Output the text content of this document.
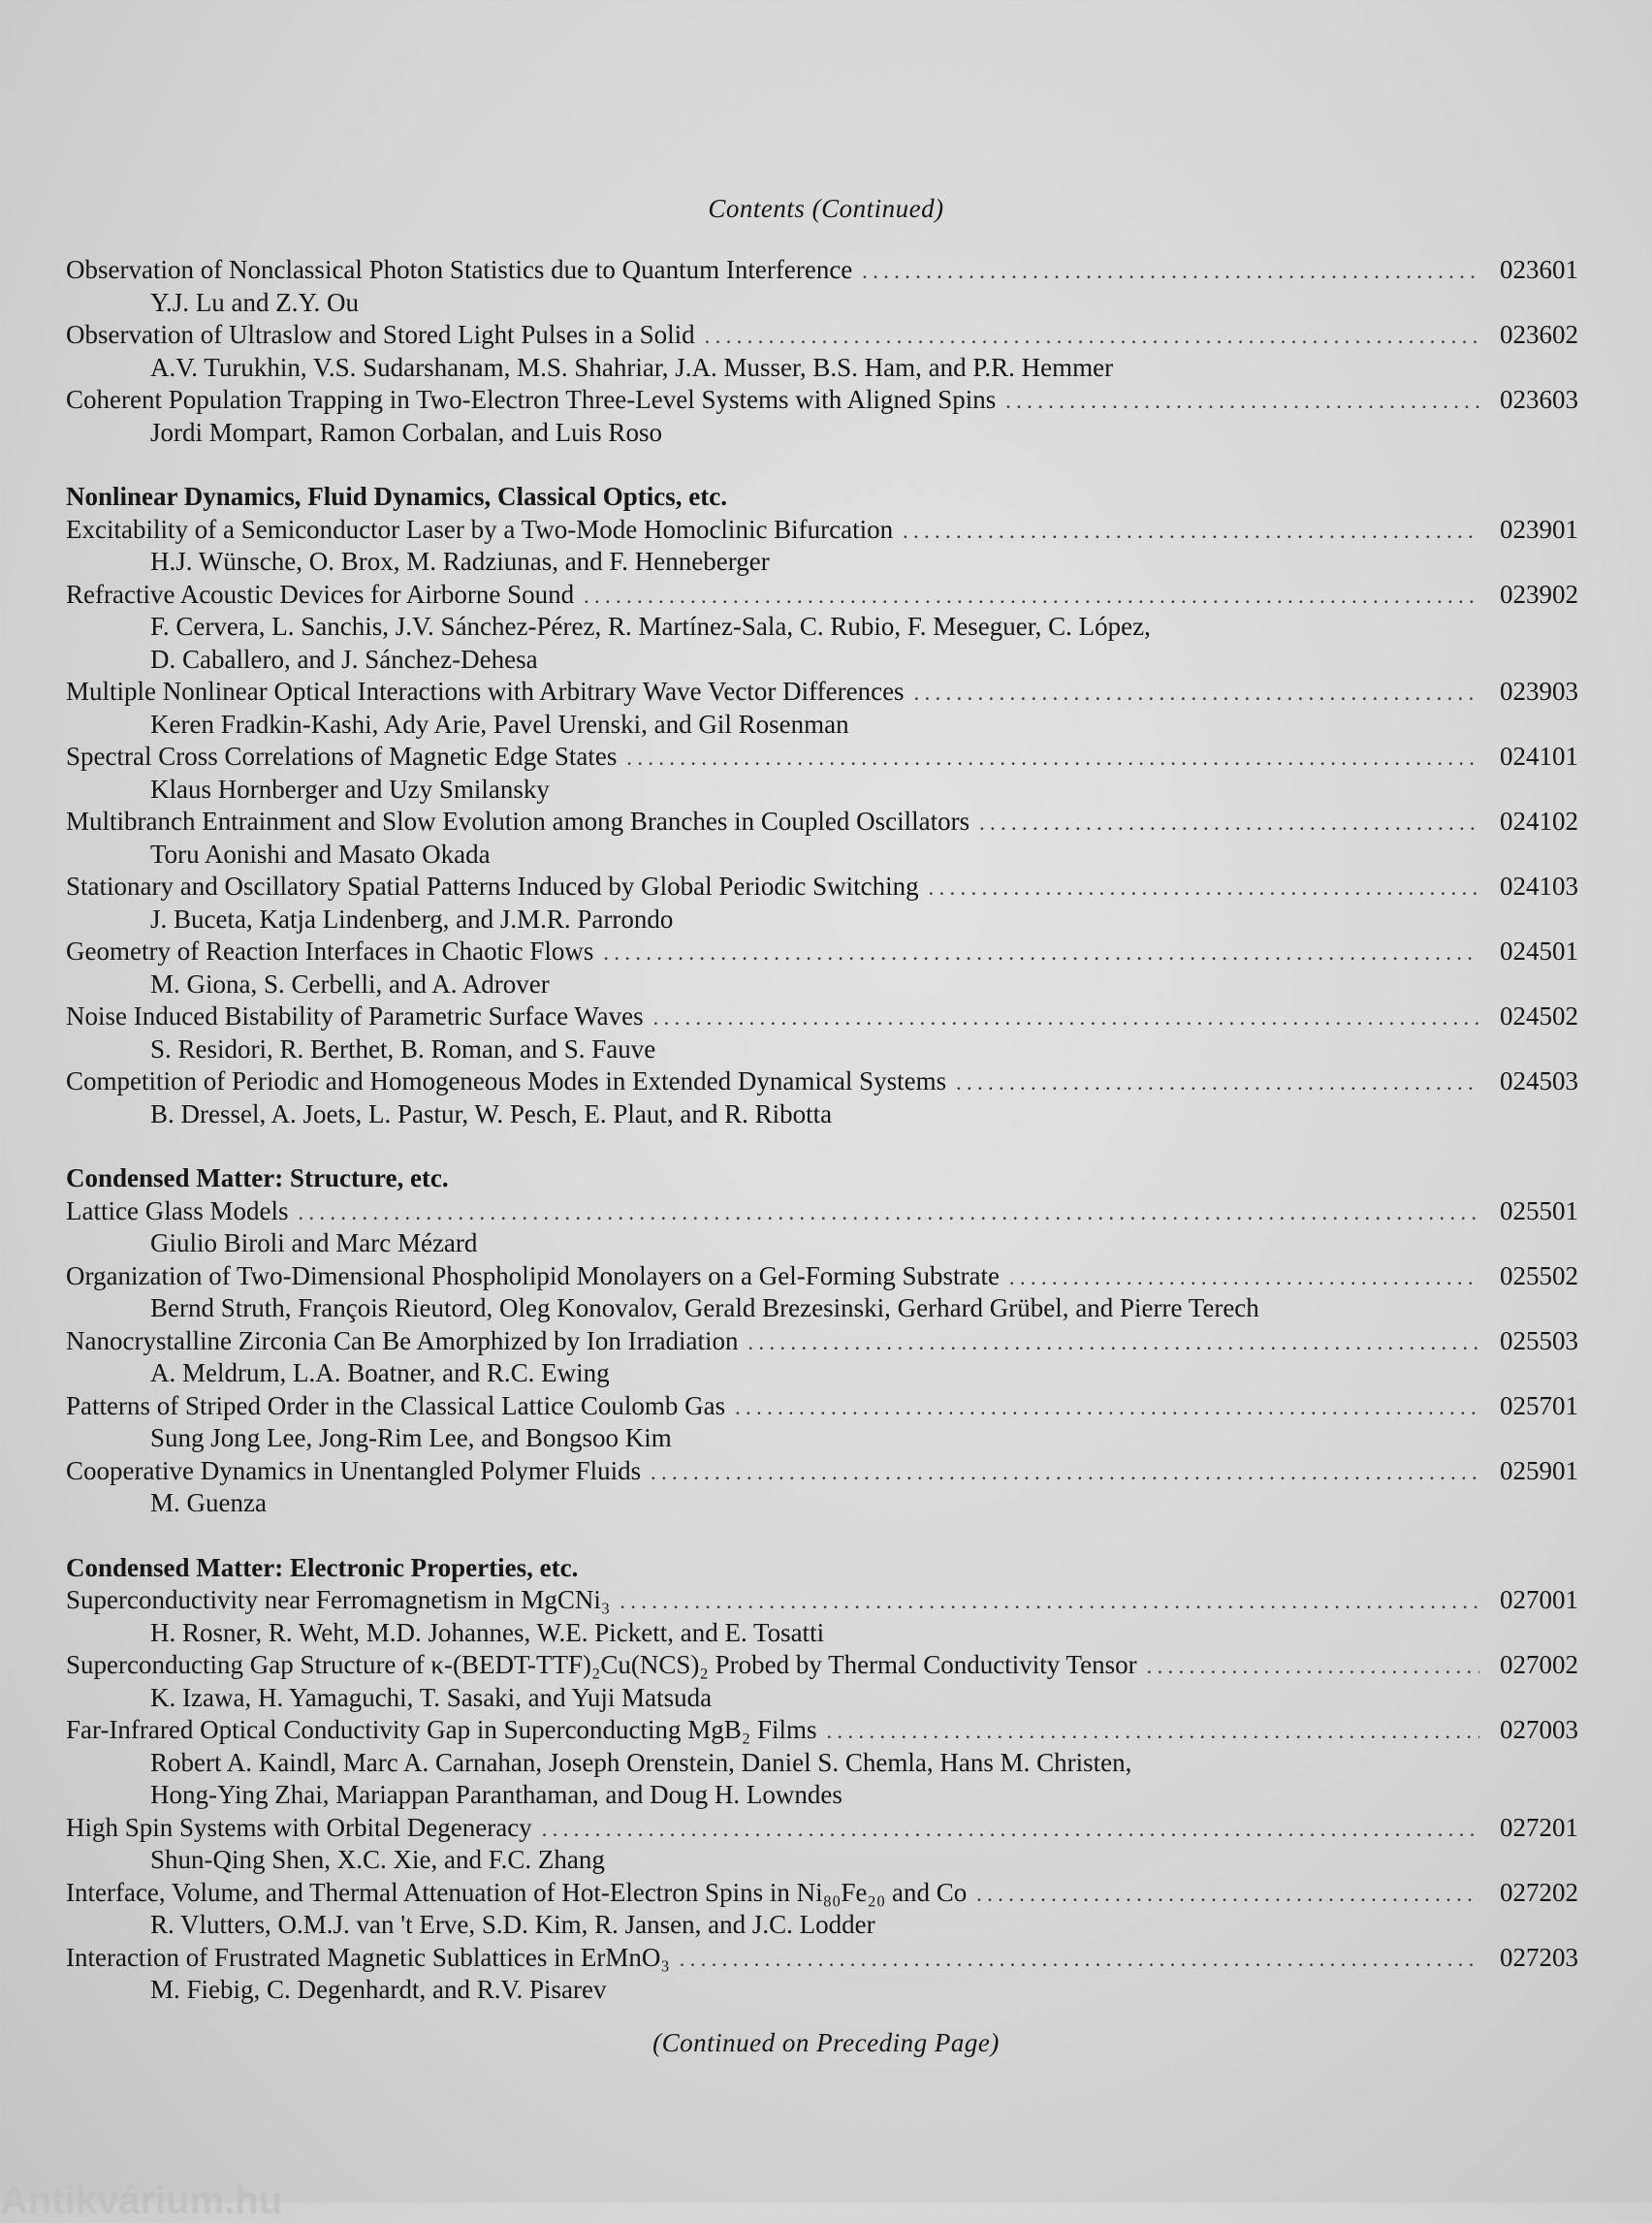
Contents (Continued)
Observation of Nonclassical Photon Statistics due to Quantum Interference . . .	023601
Y.J. Lu and Z.Y. Ou
Observation of Ultraslow and Stored Light Pulses in a Solid . . .	023602
A.V. Turukhin, V.S. Sudarshanam, M.S. Shahriar, J.A. Musser, B.S. Ham, and P.R. Hemmer
Coherent Population Trapping in Two-Electron Three-Level Systems with Aligned Spins . . .	023603
Jordi Mompart, Ramon Corbalan, and Luis Roso
Nonlinear Dynamics, Fluid Dynamics, Classical Optics, etc.
Excitability of a Semiconductor Laser by a Two-Mode Homoclinic Bifurcation . . .	023901
H.J. Wünsche, O. Brox, M. Radziunas, and F. Henneberger
Refractive Acoustic Devices for Airborne Sound . . .	023902
F. Cervera, L. Sanchis, J.V. Sánchez-Pérez, R. Martínez-Sala, C. Rubio, F. Meseguer, C. López,
D. Caballero, and J. Sánchez-Dehesa
Multiple Nonlinear Optical Interactions with Arbitrary Wave Vector Differences . . .	023903
Keren Fradkin-Kashi, Ady Arie, Pavel Urenski, and Gil Rosenman
Spectral Cross Correlations of Magnetic Edge States . . .	024101
Klaus Hornberger and Uzy Smilansky
Multibranch Entrainment and Slow Evolution among Branches in Coupled Oscillators . . .	024102
Toru Aonishi and Masato Okada
Stationary and Oscillatory Spatial Patterns Induced by Global Periodic Switching . . .	024103
J. Buceta, Katja Lindenberg, and J.M.R. Parrondo
Geometry of Reaction Interfaces in Chaotic Flows . . .	024501
M. Giona, S. Cerbelli, and A. Adrover
Noise Induced Bistability of Parametric Surface Waves . . .	024502
S. Residori, R. Berthet, B. Roman, and S. Fauve
Competition of Periodic and Homogeneous Modes in Extended Dynamical Systems . . .	024503
B. Dressel, A. Joets, L. Pastur, W. Pesch, E. Plaut, and R. Ribotta
Condensed Matter: Structure, etc.
Lattice Glass Models . . .	025501
Giulio Biroli and Marc Mézard
Organization of Two-Dimensional Phospholipid Monolayers on a Gel-Forming Substrate . . .	025502
Bernd Struth, François Rieutord, Oleg Konovalov, Gerald Brezesinski, Gerhard Grübel, and Pierre Terech
Nanocrystalline Zirconia Can Be Amorphized by Ion Irradiation . . .	025503
A. Meldrum, L.A. Boatner, and R.C. Ewing
Patterns of Striped Order in the Classical Lattice Coulomb Gas . . .	025701
Sung Jong Lee, Jong-Rim Lee, and Bongsoo Kim
Cooperative Dynamics in Unentangled Polymer Fluids . . .	025901
M. Guenza
Condensed Matter: Electronic Properties, etc.
Superconductivity near Ferromagnetism in MgCNi₃ . . .	027001
H. Rosner, R. Weht, M.D. Johannes, W.E. Pickett, and E. Tosatti
Superconducting Gap Structure of κ-(BEDT-TTF)₂Cu(NCS)₂ Probed by Thermal Conductivity Tensor . . .	027002
K. Izawa, H. Yamaguchi, T. Sasaki, and Yuji Matsuda
Far-Infrared Optical Conductivity Gap in Superconducting MgB₂ Films . . .	027003
Robert A. Kaindl, Marc A. Carnahan, Joseph Orenstein, Daniel S. Chemla, Hans M. Christen,
Hong-Ying Zhai, Mariappan Paranthaman, and Doug H. Lowndes
High Spin Systems with Orbital Degeneracy . . .	027201
Shun-Qing Shen, X.C. Xie, and F.C. Zhang
Interface, Volume, and Thermal Attenuation of Hot-Electron Spins in Ni₈₀Fe₂₀ and Co . . .	027202
R. Vlutters, O.M.J. van 't Erve, S.D. Kim, R. Jansen, and J.C. Lodder
Interaction of Frustrated Magnetic Sublattices in ErMnO₃ . . .	027203
M. Fiebig, C. Degenhardt, and R.V. Pisarev
(Continued on Preceding Page)
Antikvárium.hu
